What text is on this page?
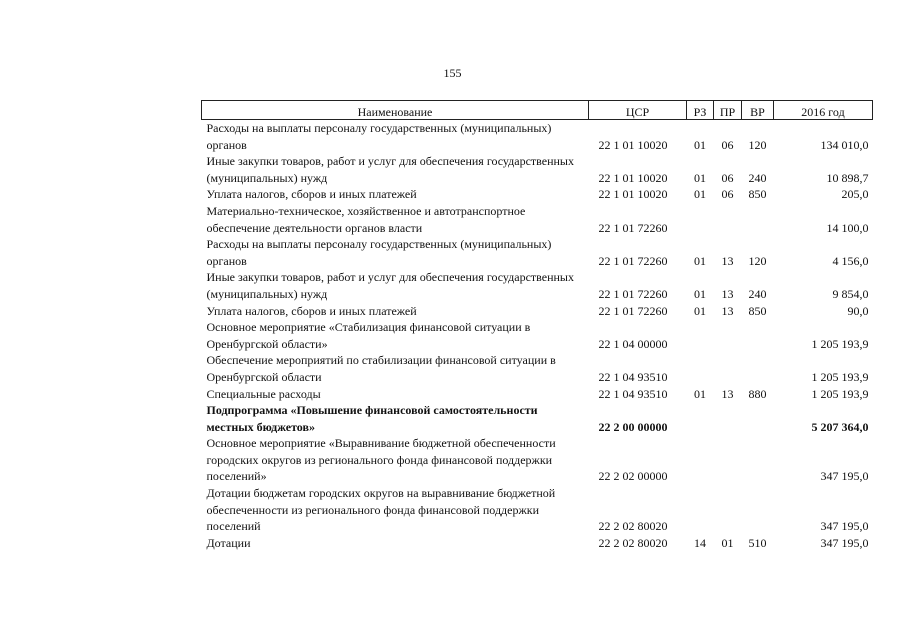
155
Наименование	ЦСР	РЗ	ПР	ВР	2016 год
Расходы на выплаты персоналу государственных (муниципальных) органов	22 1 01 10020	01	06	120	134 010,0
Иные закупки товаров, работ и услуг для обеспечения государственных (муниципальных) нужд	22 1 01 10020	01	06	240	10 898,7
Уплата налогов, сборов и иных платежей	22 1 01 10020	01	06	850	205,0
Материально-техническое, хозяйственное и автотранспортное обеспечение деятельности органов власти	22 1 01 72260				14 100,0
Расходы на выплаты персоналу государственных (муниципальных) органов	22 1 01 72260	01	13	120	4 156,0
Иные закупки товаров, работ и услуг для обеспечения государственных (муниципальных) нужд	22 1 01 72260	01	13	240	9 854,0
Уплата налогов, сборов и иных платежей	22 1 01 72260	01	13	850	90,0
Основное мероприятие «Стабилизация финансовой ситуации в Оренбургской области»	22 1 04 00000				1 205 193,9
Обеспечение мероприятий по стабилизации финансовой ситуации в Оренбургской области	22 1 04 93510				1 205 193,9
Специальные расходы	22 1 04 93510	01	13	880	1 205 193,9
Подпрограмма «Повышение финансовой самостоятельности местных бюджетов»	22 2 00 00000				5 207 364,0
Основное мероприятие «Выравнивание бюджетной обеспеченности городских округов из регионального фонда финансовой поддержки поселений»	22 2 02 00000				347 195,0
Дотации бюджетам городских округов на выравнивание бюджетной обеспеченности из регионального фонда финансовой поддержки поселений	22 2 02 80020				347 195,0
Дотации	22 2 02 80020	14	01	510	347 195,0
